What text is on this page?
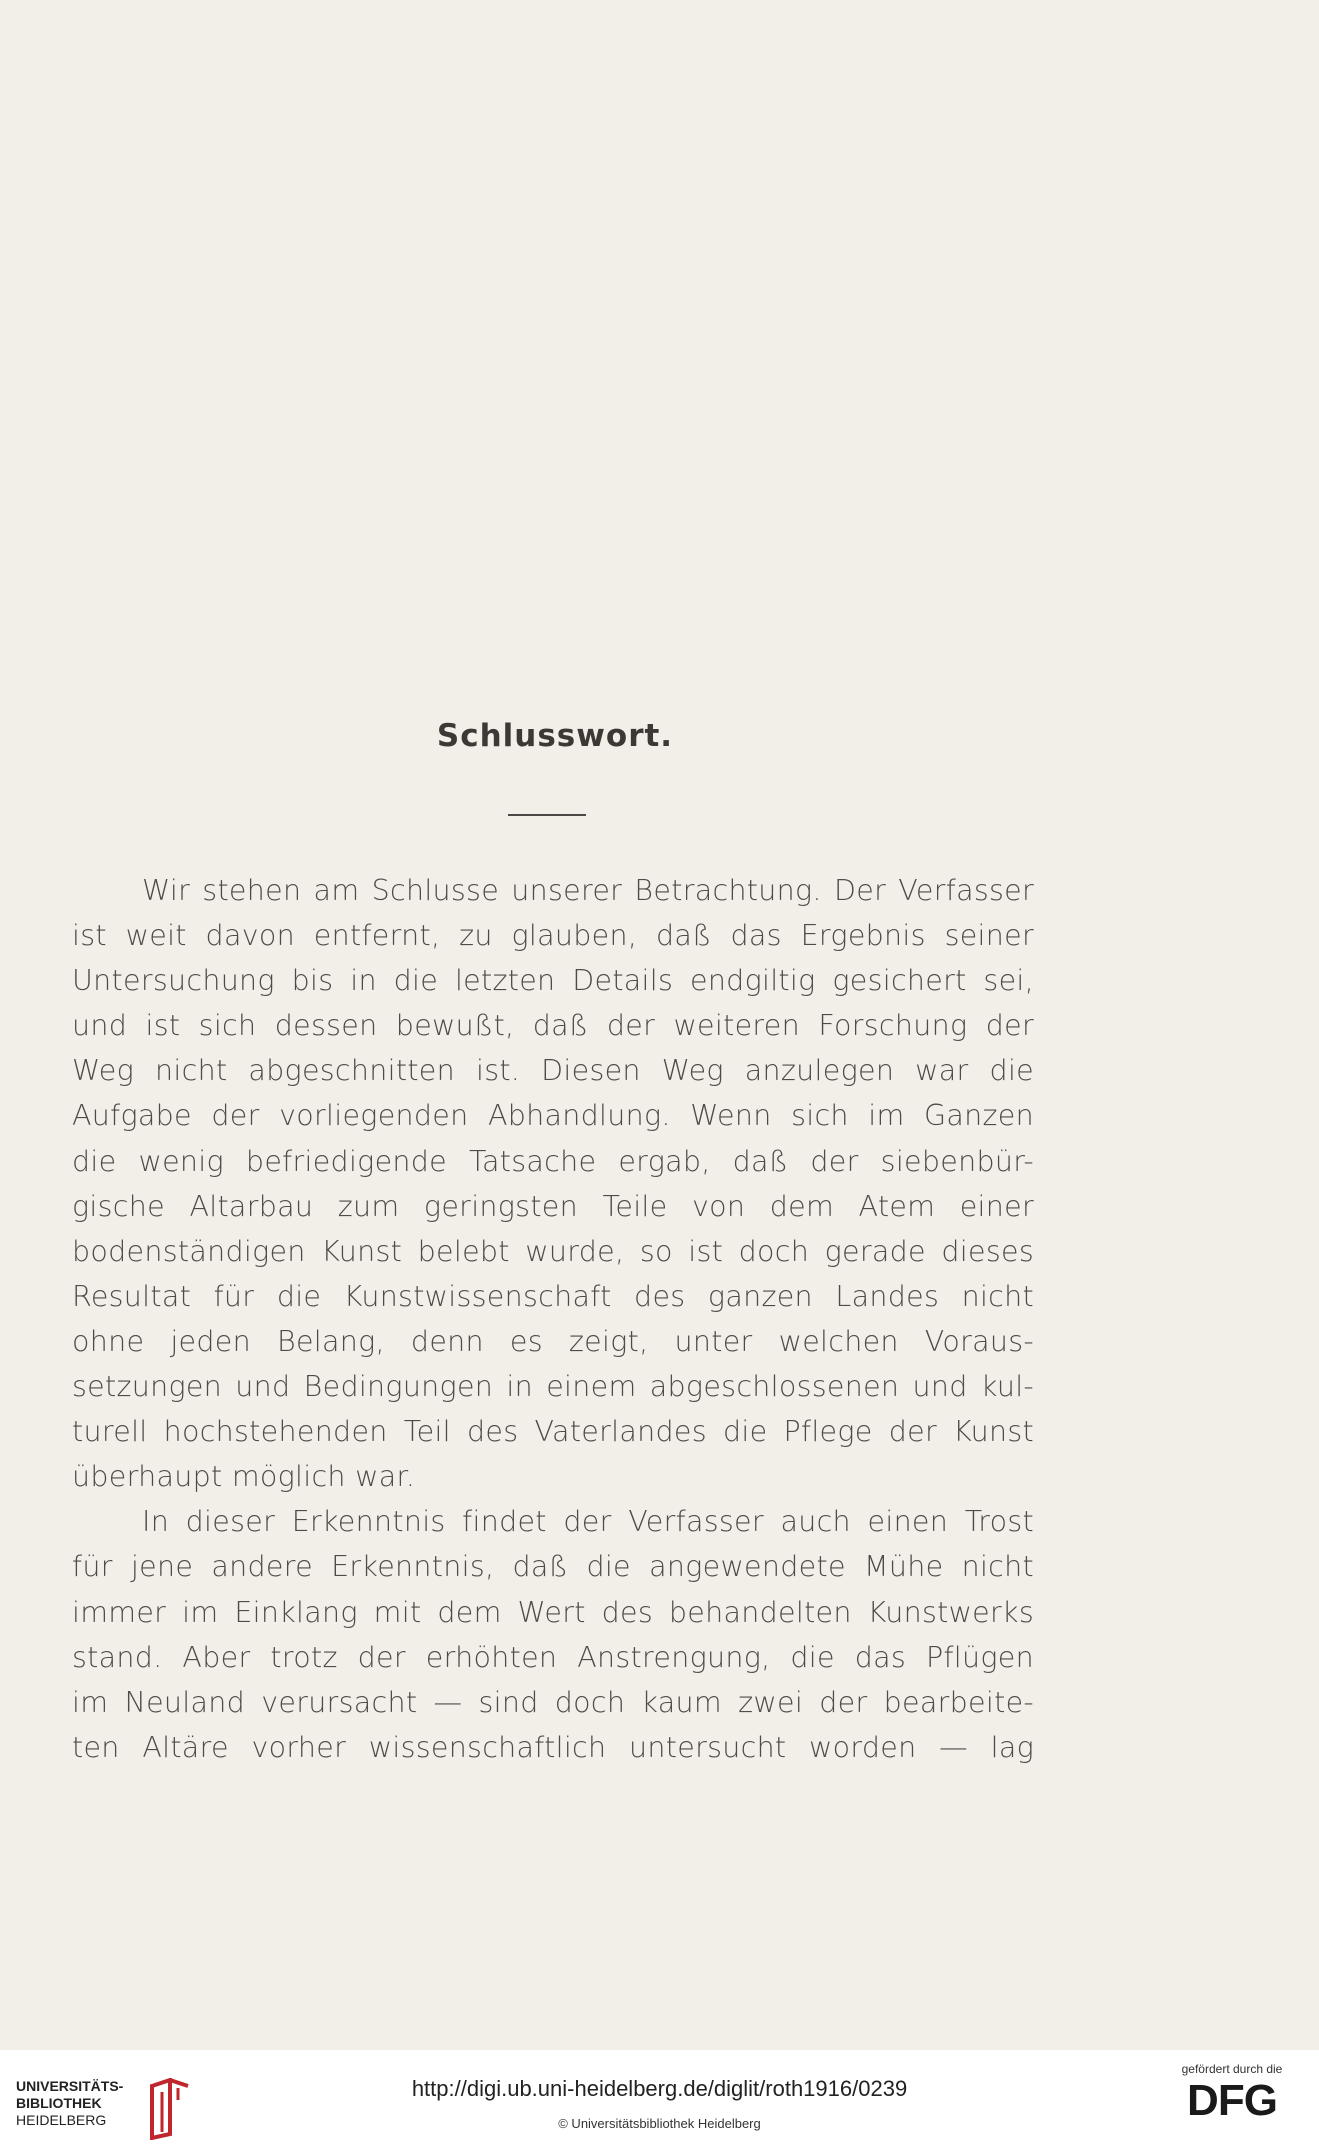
Schlusswort.
Wir stehen am Schlusse unserer Betrachtung. Der Verfasser
ist weit davon entfernt, zu glauben, daß das Ergebnis seiner
Untersuchung bis in die letzten Details endgiltig gesichert sei,
und ist sich dessen bewußt, daß der weiteren Forschung der
Weg nicht abgeschnitten ist. Diesen Weg anzulegen war die
Aufgabe der vorliegenden Abhandlung. Wenn sich im Ganzen
die wenig befriedigende Tatsache ergab, daß der siebenbür-
gische Altarbau zum geringsten Teile von dem Atem einer
bodenständigen Kunst belebt wurde, so ist doch gerade dieses
Resultat für die Kunstwissenschaft des ganzen Landes nicht
ohne jeden Belang, denn es zeigt, unter welchen Voraus-
setzungen und Bedingungen in einem abgeschlossenen und kul-
turell hochstehenden Teil des Vaterlandes die Pflege der Kunst
überhaupt möglich war.
In dieser Erkenntnis findet der Verfasser auch einen Trost
für jene andere Erkenntnis, daß die angewendete Mühe nicht
immer im Einklang mit dem Wert des behandelten Kunstwerks
stand. Aber trotz der erhöhten Anstrengung, die das Pflügen
im Neuland verursacht — sind doch kaum zwei der bearbeite-
ten Altäre vorher wissenschaftlich untersucht worden — lag
UNIVERSITÄTS-
BIBLIOTHEK
HEIDELBERG
http://digi.ub.uni-heidelberg.de/diglit/roth1916/0239
© Universitätsbibliothek Heidelberg
gefördert durch die
DFG
